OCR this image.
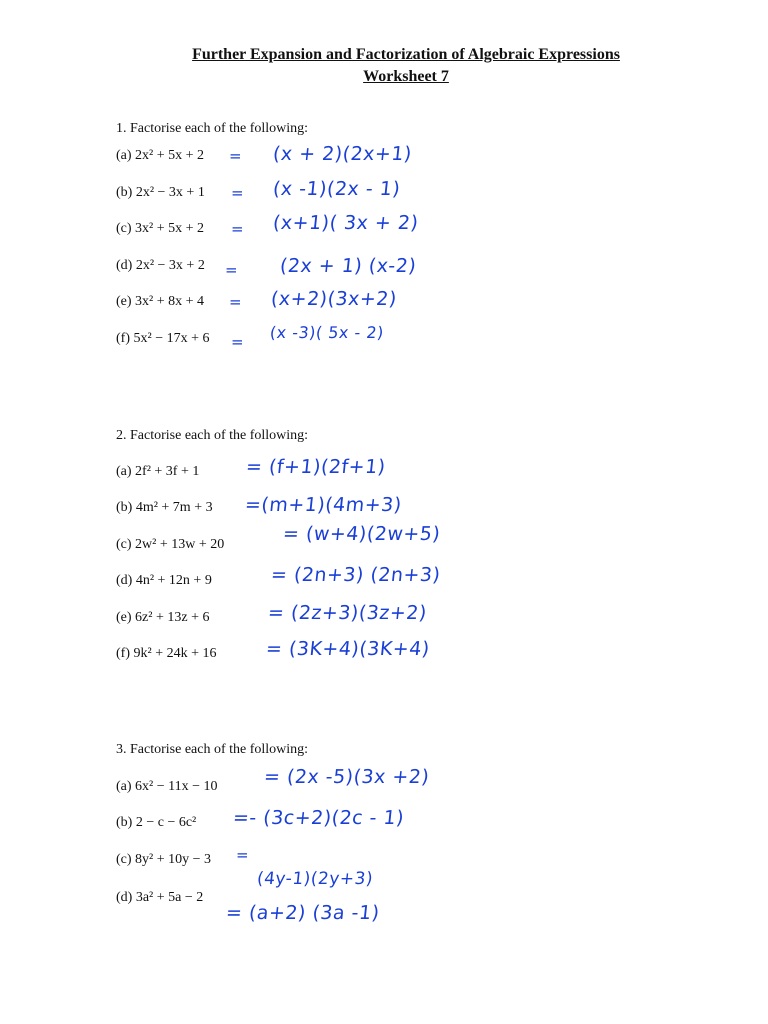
Further Expansion and Factorization of Algebraic Expressions
Worksheet 7
1. Factorise each of the following:
(a) 2x² + 5x + 2 = (x + 2)(2x+1)
(b) 2x² − 3x + 1 = (x -1)(2x - 1)
(c) 3x² + 5x + 2 = (x+1)( 3x + 2)
(d) 2x² − 3x + 2 = (2x + 1) (x-2)
(e) 3x² + 8x + 4 = (x+2)(3x+2)
(f) 5x² − 17x + 6 = (x -3)( 5x - 2)
2. Factorise each of the following:
(a) 2f² + 3f + 1 = (f+1)(2f+1)
(b) 4m² + 7m + 3 =(m+1)(4m+3)
(c) 2w² + 13w + 20	= (w+4)(2w+5)
(d) 4n² + 12n + 9	= (2n+3) (2n+3)
(e) 6z² + 13z + 6	= (2z+3)(3z+2)
(f) 9k² + 24k + 16	= (3K+4)(3K+4)
3. Factorise each of the following:
(a) 6x² − 11x − 10 = (2x -5)(3x +2)
(b) 2 − c − 6c² =- (3c+2)(2c - 1)
(c) 8y² + 10y − 3 =
(4y-1)(2y+3)
(d) 3a² + 5a − 2
= (a+2) (3a -1)
